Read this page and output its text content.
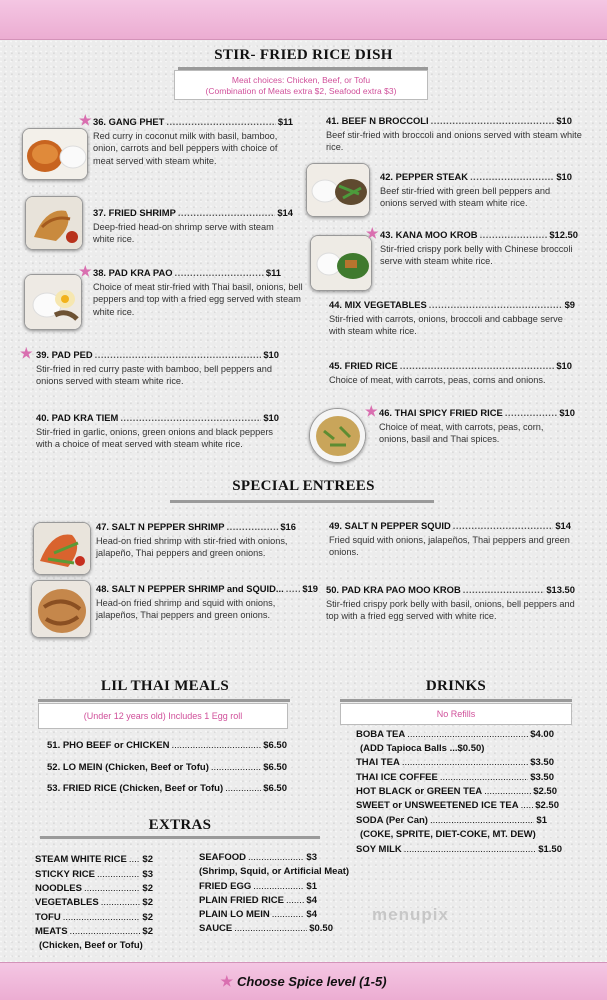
STIR- FRIED RICE DISH
Meat choices: Chicken, Beef, or Tofu
(Combination of Meats extra $2, Seafood extra $3)
★ 36. GANG PHET .....	$11
Red curry in coconut milk with basil, bamboo, onion, carrots and bell peppers with choice of meat served with steam white.
37. FRIED SHRIMP .....	$14
Deep-fried head-on shrimp serve with steam white rice.
★ 38. PAD KRA PAO .....	$11
Choice of meat stir-fried with Thai basil, onions, bell peppers and top with a fried egg served with steam white rice.
★ 39. PAD PED .....	$10
Stir-fried in red curry paste with bamboo, bell peppers and onions served with steam white rice.
40. PAD KRA TIEM .....	$10
Stir-fried in garlic, onions, green onions and black peppers with a choice of meat served with steam white rice.
41. BEEF N BROCCOLI .....	$10
Beef stir-fried with broccoli and onions served with steam white rice.
42. PEPPER STEAK .....	$10
Beef stir-fried with green bell peppers and onions served with steam white rice.
★ 43. KANA MOO KROB .....	$12.50
Stir-fried crispy pork belly with Chinese broccoli serve with steam white rice.
44. MIX VEGETABLES .....	$9
Stir-fried with carrots, onions, broccoli and cabbage serve with steam white rice.
45. FRIED RICE .....	$10
Choice of meat, with carrots, peas, corns and onions.
★ 46. THAI SPICY FRIED RICE .....	$10
Choice of meat, with carrots, peas, corn, onions, basil and Thai spices.
SPECIAL ENTREES
47. SALT N PEPPER SHRIMP .....	$16
Head-on fried shrimp with stir-fried with onions, jalapeño, Thai peppers and green onions.
48. SALT N PEPPER SHRIMP and SQUID... ..... $19
Head-on fried shrimp and squid with onions, jalapeños, Thai peppers and green onions.
49. SALT N PEPPER SQUID .....	$14
Fried squid with onions, jalapeños, Thai peppers and green onions.
50. PAD KRA PAO MOO KROB .....	$13.50
Stir-fried crispy pork belly with basil, onions, bell peppers and top with a fried egg served with white rice.
LIL THAI MEALS
(Under 12 years old) Includes 1 Egg roll
51. PHO BEEF or CHICKEN .....	$6.50
52. LO MEIN (Chicken, Beef or Tofu) .....	$6.50
53. FRIED RICE (Chicken, Beef or Tofu) .....	$6.50
EXTRAS
STEAM WHITE RICE ..... $2
STICKY RICE .....	$3
NOODLES .....	$2
VEGETABLES .....	$2
TOFU .....	$2
MEATS .....	$2
(Chicken, Beef or Tofu)
SEAFOOD .....	$3
(Shrimp, Squid, or Artificial Meat)
FRIED EGG .....	$1
PLAIN FRIED RICE ..... $4
PLAIN LO MEIN .....	$4
SAUCE .....	$0.50
DRINKS
No Refills
BOBA TEA .....	$4.00
(ADD Tapioca Balls ...$0.50)
THAI TEA .....	$3.50
THAI ICE COFFEE .....	$3.50
HOT BLACK or GREEN TEA .....	$2.50
SWEET or UNSWEETENED ICE TEA ..... $2.50
SODA (Per Can) .....	$1
(COKE, SPRITE, DIET-COKE, MT. DEW)
SOY MILK .....	$1.50
menupix
★ Choose Spice level (1-5)
